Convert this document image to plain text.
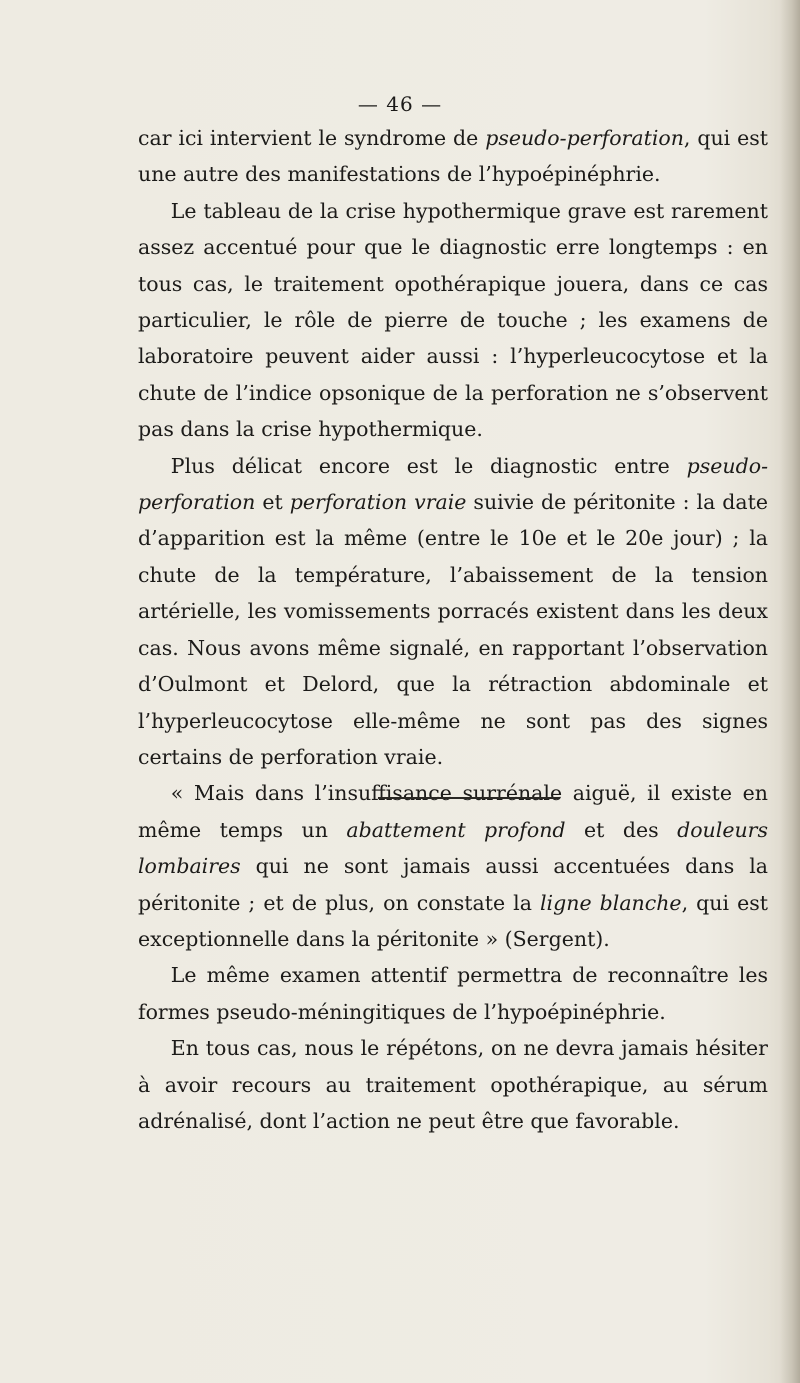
— 46 —

car ici intervient le syndrome de pseudo-perforation, qui est une autre des manifestations de l’hypoépinéphrie.

Le tableau de la crise hypothermique grave est rarement assez accentué pour que le diagnostic erre longtemps : en tous cas, le traitement opothérapique jouera, dans ce cas particulier, le rôle de pierre de touche ; les examens de laboratoire peuvent aider aussi : l’hyperleucocytose et la chute de l’indice opsonique de la perforation ne s’observent pas dans la crise hypothermique.

Plus délicat encore est le diagnostic entre pseudo-perforation et perforation vraie suivie de péritonite : la date d’apparition est la même (entre le 10e et le 20e jour) ; la chute de la température, l’abaissement de la tension artérielle, les vomissements porracés existent dans les deux cas. Nous avons même signalé, en rapportant l’observation d’Oulmont et Delord, que la rétraction abdominale et l’hyperleucocytose elle-même ne sont pas des signes certains de perforation vraie.

« Mais dans l’insuffisance surrénale aiguë, il existe en même temps un abattement profond et des douleurs lombaires qui ne sont jamais aussi accentuées dans la péritonite ; et de plus, on constate la ligne blanche, qui est exceptionnelle dans la péritonite » (Sergent).

Le même examen attentif permettra de reconnaître les formes pseudo-méningitiques de l’hypoépinéphrie.

En tous cas, nous le répétons, on ne devra jamais hésiter à avoir recours au traitement opothérapique, au sérum adrénalisé, dont l’action ne peut être que favorable.
